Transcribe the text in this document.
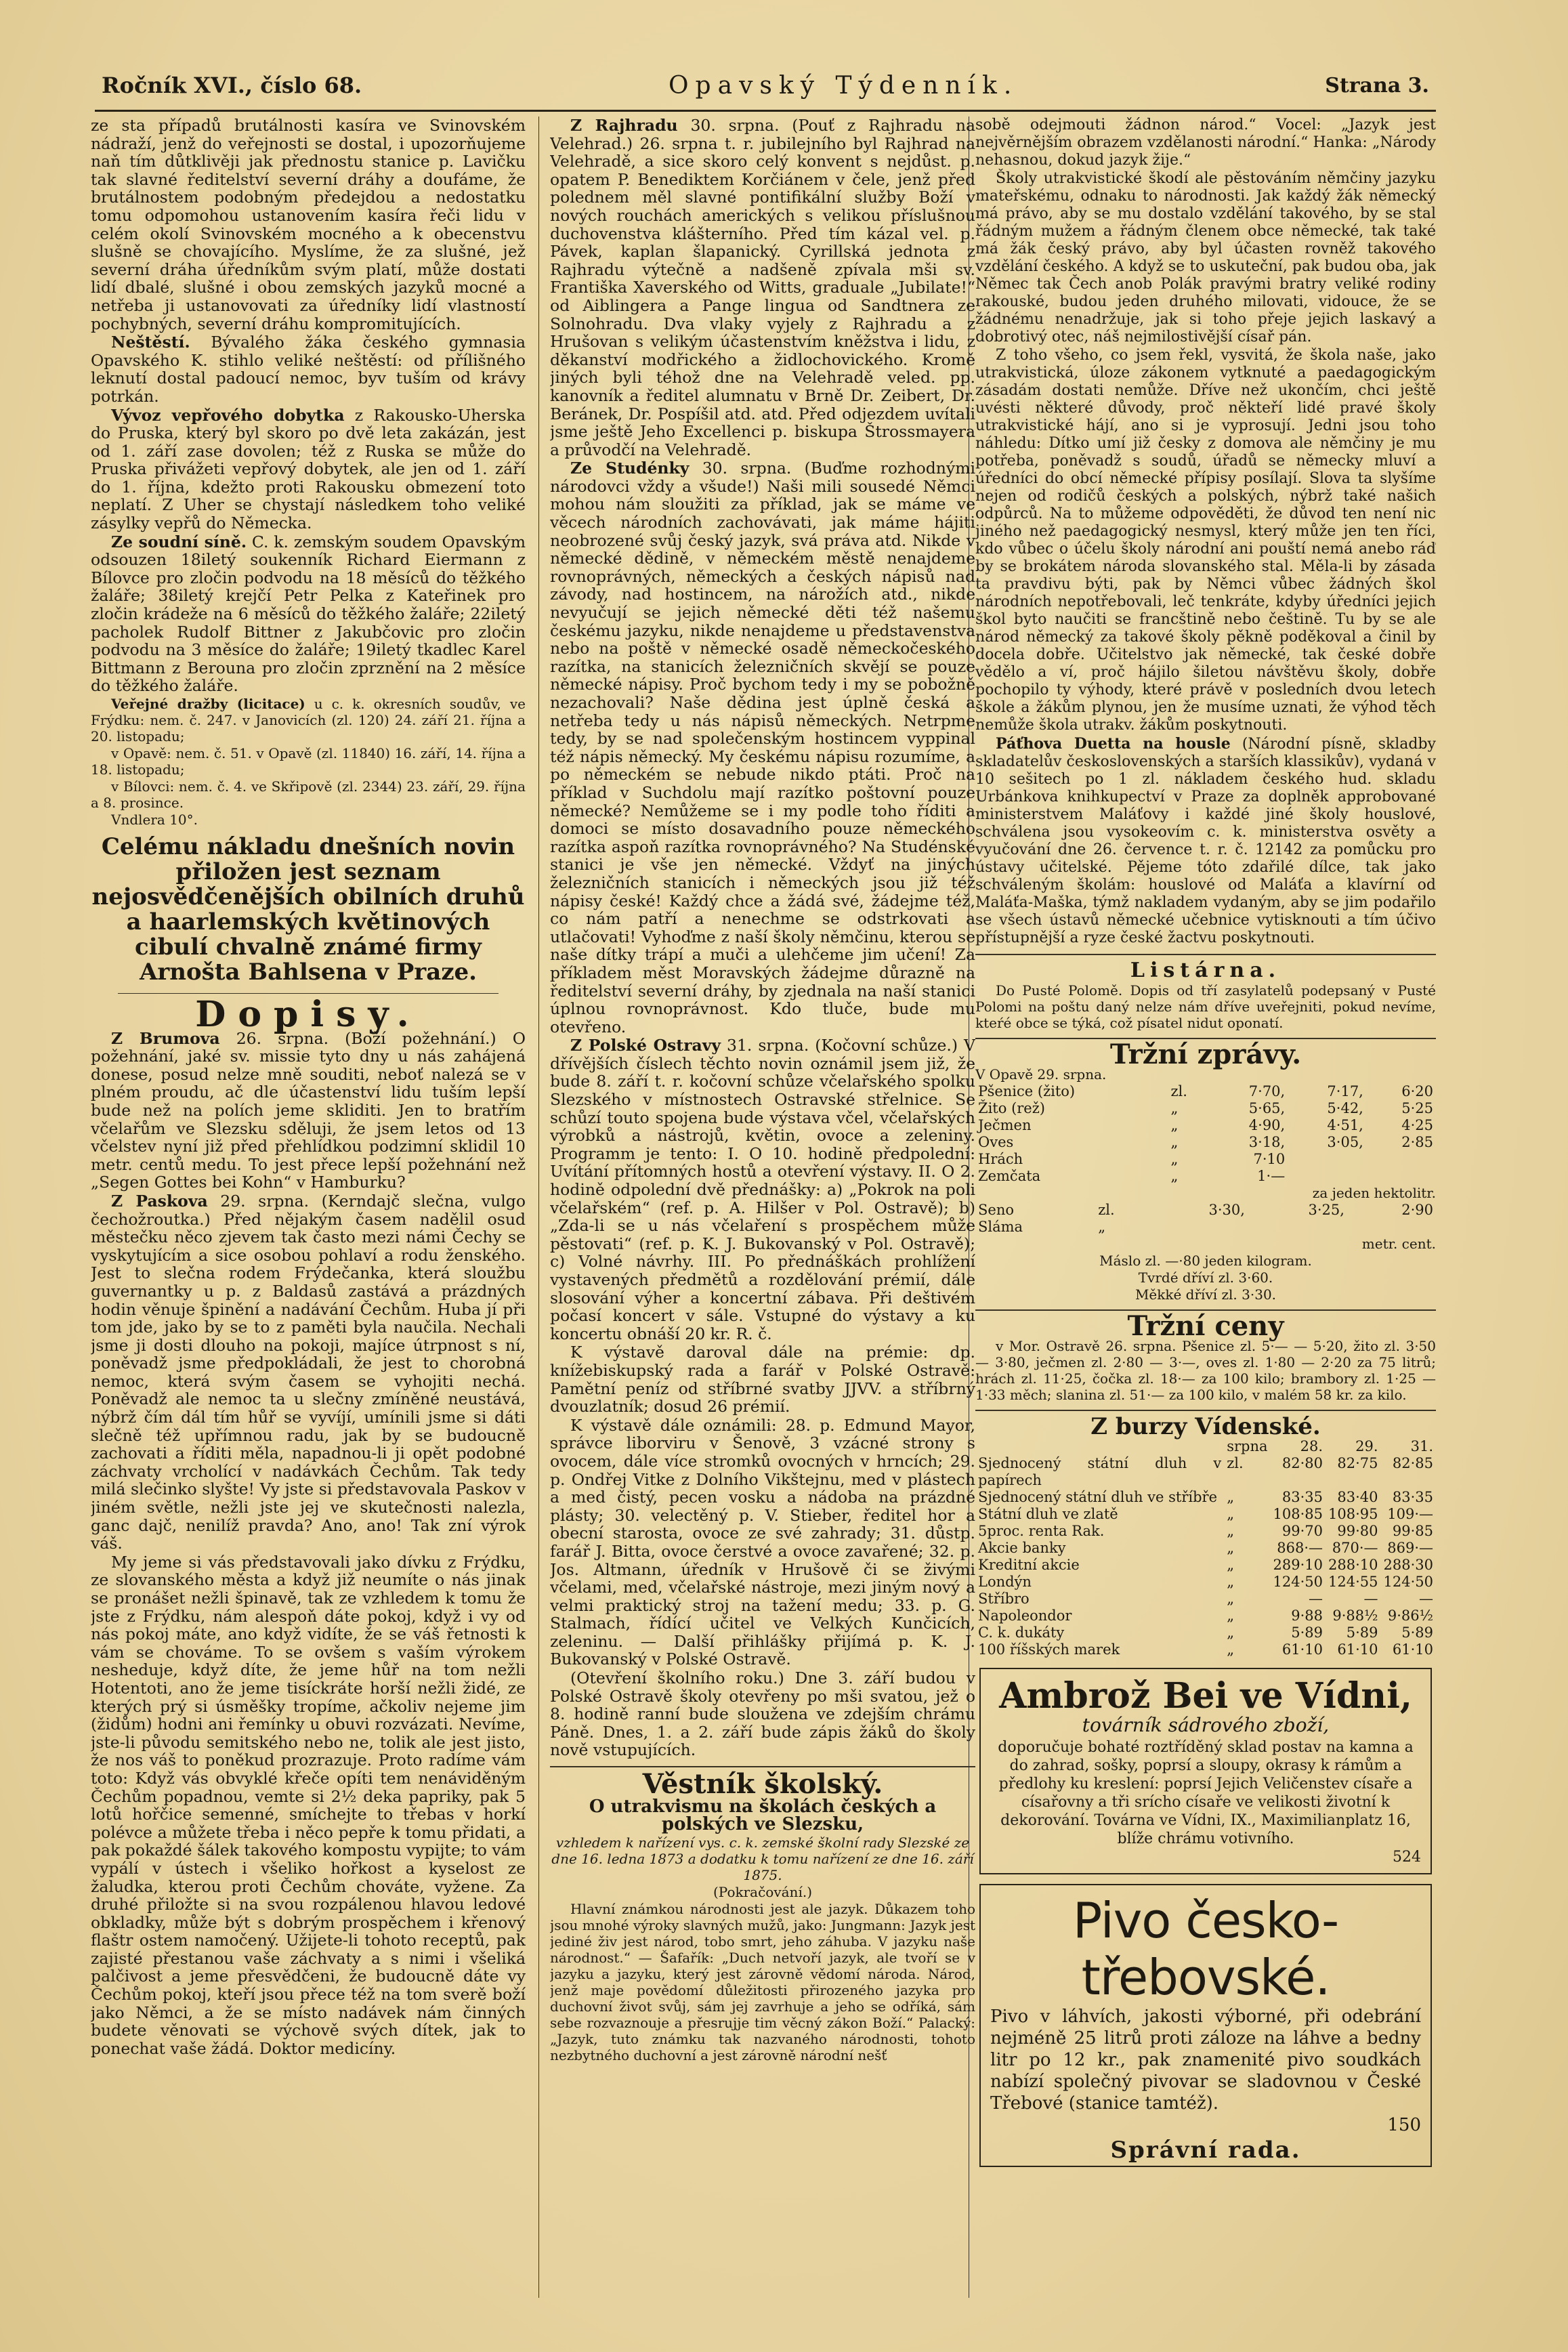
Ročník XVI., číslo 68.	Opavský Týdenník.	Strana 3.

ze sta případů brutálnosti kasíra ve Svinovském nádraží, jenž do veřejnosti se dostal, i upozorňujeme naň tím důtklivěji jak přednostu stanice p. Lavičku tak slavné ředitelství severní dráhy a doufáme, že brutálnostem podobným předejdou a nedostatku tomu odpomohou ustanovením kasíra řeči lidu v celém okolí Svinovském mocného a k obecenstvu slušně se chovajícího. Myslíme, že za slušné, jež severní dráha úředníkům svým platí, může dostati lidí dbalé, slušné i obou zemských jazyků mocné a netřeba ji ustanovovati za úředníky lidí vlastností pochybných, severní dráhu kompromitujících.

Neštěstí. Bývalého žáka českého gymnasia Opavského K. stihlo veliké neštěstí: od přílišného leknutí dostal padoucí nemoc, byv tuším od krávy potrkán.

Vývoz vepřového dobytka z Rakousko-Uherska do Pruska, který byl skoro po dvě leta zakázán, jest od 1. září zase dovolen; též z Ruska se může do Pruska přivážeti vepřový dobytek, ale jen od 1. září do 1. října, kdežto proti Rakousku obmezení toto neplatí. Z Uher se chystají následkem toho veliké zásylky vepřů do Německa.

Ze soudní síně. C. k. zemským soudem Opavským odsouzen 18iletý soukenník Richard Eiermann z Bílovce pro zločin podvodu na 18 měsíců do těžkého žaláře; 38iletý krejčí Petr Pelka z Kateřinek pro zločin krádeže na 6 měsíců do těžkého žaláře; 22iletý pacholek Rudolf Bittner z Jakubčovic pro zločin podvodu na 3 měsíce do žaláře; 19iletý tkadlec Karel Bittmann z Berouna pro zločin zprznění na 2 měsíce do těžkého žaláře.

Veřejné dražby (licitace) u c. k. okresních soudův, ve Frýdku: nem. č. 247. v Janovicích (zl. 120) 24. září 21. října a 20. listopadu;

v Opavě: nem. č. 51. v Opavě (zl. 11840) 16. září, 14. října a 18. listopadu;

v Bílovci: nem. č. 4. ve Skřipově (zl. 2344) 23. září, 29. října a 8. prosince.

Vndlera 10°.

Celému nákladu dnešních novin přiložen jest seznam nejosvědčenějších obilních druhů a haarlemských květinových cibulí chvalně známé firmy Arnošta Bahlsena v Praze.
Dopisy.

Z Brumova 26. srpna. (Boží požehnání.) O požehnání, jaké sv. missie tyto dny u nás zahájená donese, posud nelze mně souditi, neboť nalezá se v plném proudu, ač dle účastenství lidu tuším lepší bude než na polích jeme skliditi. Jen to bratřím včelařům ve Slezsku sděluji, že jsem letos od 13 včelstev nyní již před přehlídkou podzimní sklidil 10 metr. centů medu. To jest přece lepší požehnání než „Segen Gottes bei Kohn“ v Hamburku?

Z Paskova 29. srpna. (Kerndajč slečna, vulgo čechožroutka.) Před nějakým časem nadělil osud městečku něco zjevem tak často mezi námi Čechy se vyskytujícím a sice osobou pohlaví a rodu ženského. Jest to slečna rodem Frýdečanka, která sloužbu guvernantky u p. z Baldasů zastává a prázdných hodin věnuje špinění a nadávání Čechům. Huba jí při tom jde, jako by se to z paměti byla naučila. Nechali jsme ji dosti dlouho na pokoji, majíce útrpnost s ní, poněvadž jsme předpokládali, že jest to chorobná nemoc, která svým časem se vyhojiti nechá. Poněvadž ale nemoc ta u slečny zmíněné neustává, nýbrž čím dál tím hůř se vyvíjí, umínili jsme si dáti slečně též upřímnou radu, jak by se budoucně zachovati a říditi měla, napadnou-li ji opět podobné záchvaty vrcholící v nadávkách Čechům. Tak tedy milá slečinko slyšte! Vy jste si představovala Paskov v jiném světle, nežli jste jej ve skutečnosti nalezla, ganc dajč, nenilíž pravda? Ano, ano! Tak zní výrok váš.

My jeme si vás představovali jako dívku z Frýdku, ze slovanského města a když již neumíte o nás jinak se pronášet nežli špinavě, tak ze vzhledem k tomu že jste z Frýdku, nám alespoň dáte pokoj, když i vy od nás pokoj máte, ano když vidíte, že se váš řetnosti k vám se chováme. To se ovšem s vaším výrokem nesheduje, když díte, že jeme hůř na tom nežli Hotentoti, ano že jeme tisíckráte horší nežli židé, ze kterých prý si úsměšky tropíme, ačkoliv nejeme jim (židům) hodni ani řemínky u obuvi rozvázati. Nevíme, jste-li původu semitského nebo ne, tolik ale jest jisto, že nos váš to poněkud prozrazuje. Proto radíme vám toto: Když vás obvyklé křeče opíti tem nenáviděným Čechům popadnou, vemte si 2½ deka papriky, pak 5 lotů hořčice semenné, smíchejte to třebas v horkí polévce a můžete třeba i něco pepře k tomu přidati, a pak pokaždé šálek takového kompostu vypijte; to vám vypálí v ústech i všeliko hořkost a kyselost ze žaludka, kterou proti Čechům chováte, vyžene. Za druhé přiložte si na svou rozpálenou hlavou ledové obkladky, může být s dobrým prospěchem i křenový flaštr ostem namočený. Užijete-li tohoto receptů, pak zajisté přestanou vaše záchvaty a s nimi i všeliká palčivost a jeme přesvědčeni, že budoucně dáte vy Čechům pokoj, kteří jsou přece též na tom sverě boží jako Němci, a že se místo nadávek nám činných budete věnovati se výchově svých dítek, jak to ponechat vaše žádá. Doktor medicíny.

Z Rajhradu 30. srpna. (Pouť z Rajhradu na Velehrad.) 26. srpna t. r. jubilejního byl Rajhrad na Velehradě, a sice skoro celý konvent s nejdůst. p. opatem P. Benediktem Korčiánem v čele, jenž před polednem měl slavné pontifikální služby Boží v nových rouchách amerických s velikou příslušnou duchovenstva klášterního. Před tím kázal vel. p. Pávek, kaplan šlapanický. Cyrillská jednota z Rajhradu výtečně a nadšeně zpívala mši sv. Františka Xaverského od Witts, graduale „Jubilate!“ od Aiblingera a Pange lingua od Sandtnera ze Solnohradu. Dva vlaky vyjely z Rajhradu a z Hrušovan s velikým účastenstvím kněžstva i lidu, z děkanství modřického a židlochovického. Kromě jiných byli téhož dne na Velehradě veled. pp. kanovník a ředitel alumnatu v Brně Dr. Zeibert, Dr. Beránek, Dr. Pospíšil atd. atd. Před odjezdem uvítali jsme ještě Jeho Excellenci p. biskupa Štrossmayera a průvodčí na Velehradě.

Ze Studénky 30. srpna. (Buďme rozhodnými národovci vždy a všude!) Naši mili sousedé Němci mohou nám sloužiti za příklad, jak se máme ve věcech národních zachovávati, jak máme hájiti neobrozené svůj český jazyk, svá práva atd. Nikde v německé dědině, v německém městě nenajdeme rovnoprávných, německých a českých nápisů nad závody, nad hostincem, na nárožích atd., nikde nevyučují se jejich německé děti též našemu českému jazyku, nikde nenajdeme u představenstva nebo na poště v německé osadě německočeského razítka, na stanicích železničních skvějí se pouze německé nápisy. Proč bychom tedy i my se pobožně nezachovali? Naše dědina jest úplně česká a netřeba tedy u nás nápisů německých. Netrpme tedy, by se nad společenským hostincem vyppinal též nápis německý. My českému nápisu rozumíme, a po německém se nebude nikdo ptáti. Proč na příklad v Suchdolu mají razítko poštovní pouze německé? Nemůžeme se i my podle toho říditi a domoci se místo dosavadního pouze německého razítka aspoň razítka rovnoprávného? Na Studénské stanici je vše jen německé. Vždyť na jiných železničních stanicích i německých jsou již též nápisy české! Každý chce a žádá své, žádejme též, co nám patří a nenechme se odstrkovati a utlačovati! Vyhoďme z naší školy němčinu, kterou se naše dítky trápí a muči a ulehčeme jim učení! Za příkladem měst Moravských žádejme důrazně na ředitelství severní dráhy, by zjednala na naší stanici úplnou rovnoprávnost. Kdo tluče, bude mu otevřeno.

Z Polské Ostravy 31. srpna. (Kočovní schůze.) V dřívějších číslech těchto novin oznámil jsem již, že bude 8. září t. r. kočovní schůze včelařského spolku Slezského v místnostech Ostravské střelnice. Se schůzí touto spojena bude výstava včel, včelařských výrobků a nástrojů, květin, ovoce a zeleniny. Programm je tento: I. O 10. hodině předpolední: Uvítání přítomných hostů a otevření výstavy. II. O 2. hodině odpolední dvě přednášky: a) „Pokrok na poli včelařském“ (ref. p. A. Hilšer v Pol. Ostravě); b) „Zda-li se u nás včelaření s prospěchem může pěstovati“ (ref. p. K. J. Bukovanský v Pol. Ostravě); c) Volné návrhy. III. Po přednáškách prohlížení vystavených předmětů a rozdělování prémií, dále slosování výher a koncertní zábava. Při deštivém počasí koncert v sále. Vstupné do výstavy a ku koncertu obnáší 20 kr. R. č.

K výstavě daroval dále na prémie: dp. knížebiskupský rada a farář v Polské Ostravě: Pamětní peníz od stříbrné svatby JJVV. a stříbrný dvouzlatník; dosud 26 prémií.

K výstavě dále oznámili: 28. p. Edmund Mayor, správce liborviru v Šenově, 3 vzácné strony s ovocem, dále více stromků ovocných v hrncích; 29. p. Ondřej Vitke z Dolního Vikštejnu, med v plástech a med čistý, pecen vosku a nádoba na prázdné plásty; 30. velectěný p. V. Stieber, ředitel hor a obecní starosta, ovoce ze své zahrady; 31. důstp. farář J. Bitta, ovoce čerstvé a ovoce zavařené; 32. p. Jos. Altmann, úředník v Hrušově či se živými včelami, med, včelařské nástroje, mezi jiným nový a velmi praktický stroj na tažení medu; 33. p. G. Stalmach, řídící učitel ve Velkých Kunčicích, zeleninu. — Další přihlášky přijímá p. K. J. Bukovanský v Polské Ostravě.

(Otevření školního roku.) Dne 3. září budou v Polské Ostravě školy otevřeny po mši svatou, jež o 8. hodině ranní bude sloužena ve zdejším chrámu Páně. Dnes, 1. a 2. září bude zápis žáků do školy nově vstupujících.

Věstník školský.

O utrakvismu na školách českých a polských ve Slezsku,

vzhledem k nařízení vys. c. k. zemské školní rady Slezské ze dne 16. ledna 1873 a dodatku k tomu nařízení ze dne 16. září 1875.

(Pokračování.)

Hlavní známkou národnosti jest ale jazyk. Důkazem toho jsou mnohé výroky slavných mužů, jako: Jungmann: Jazyk jest jediné živ jest národ, tobo smrt, jeho záhuba. V jazyku naše národnost.“ — Šafařík: „Duch netvoří jazyk, ale tvoří se v jazyku a jazyku, který jest zárovně vědomí národa. Národ, jenž maje povědomí důležitosti přirozeného jazyka pro duchovní život svůj, sám jej zavrhuje a jeho se odříká, sám sebe rozvaznouje a přesrujje tim věcný zákon Boží.“ Palacký: „Jazyk, tuto známku tak nazvaného národnosti, tohoto nezbytného duchovní a jest zárovně národní nešť

sobě odejmouti žádnon národ.“ Vocel: „Jazyk jest nejvěrnějším obrazem vzdělanosti národní.“ Hanka: „Národy nehasnou, dokud jazyk žije.“

Školy utrakvistické škodí ale pěstováním němčiny jazyku mateřskému, odnaku to národnosti. Jak každý žák německý má právo, aby se mu dostalo vzdělání takového, by se stal řádným mužem a řádným členem obce německé, tak také má žák český právo, aby byl účasten rovněž takového vzdělání českého. A když se to uskuteční, pak budou oba, jak Němec tak Čech anob Polák pravými bratry veliké rodiny rakouské, budou jeden druhého milovati, vidouce, že se žádnému nenadržuje, jak si toho přeje jejich laskavý a dobrotivý otec, náš nejmilostivější císař pán.

Z toho všeho, co jsem řekl, vysvitá, že škola naše, jako utrakvistická, úloze zákonem vytknuté a paedagogickým zásadám dostati nemůže. Dříve než ukončím, chci ještě uvésti některé důvody, proč někteří lidé pravé školy utrakvistické hájí, ano si je vyprosují. Jedni jsou toho náhledu: Dítko umí již česky z domova ale němčiny je mu potřeba, poněvadž s soudů, úřadů se německy mluví a úředníci do obcí německé přípisy posílají. Slova ta slyšíme nejen od rodičů českých a polských, nýbrž také našich odpůrců. Na to můžeme odpověděti, že důvod ten není nic jiného než paedagogický nesmysl, který může jen ten říci, kdo vůbec o účelu školy národní ani pouští nemá anebo ráď by se brokátem národa slovanského stal. Měla-li by zásada ta pravdivu býti, pak by Němci vůbec žádných škol národních nepotřebovali, leč tenkráte, kdyby úředníci jejich škol byto naučiti se francštině nebo češtině. Tu by se ale národ německý za takové školy pěkně poděkoval a činil by docela dobře. Učitelstvo jak německé, tak české dobře vědělo a ví, proč hájilo šiletou návštěvu školy, dobře pochopilo ty výhody, které právě v posledních dvou letech škole a žákům plynou, jen že musíme uznati, že výhod těch nemůže škola utrakv. žákům poskytnouti.

Páťhova Duetta na houslе (Národní písně, skladby skladatelův československých a starších klassikův), vydaná v 10 sešitech po 1 zl. nákladem českého hud. skladu Urbánkova knihkupectví v Praze za doplněk approbované ministerstvem Maláťovy i každé jiné školy houslové, schválena jsou vysokeovím c. k. ministerstva osvěty a vyučování dne 26. července t. r. č. 12142 za pomůcku pro ústavy učitelské. Pějeme tóto zdařilé dílce, tak jako schváleným školám: houslové od Maláťa a klavírní od Maláťa-Maška, týmž nakladem vydaným, aby se jim podařilo se všech ústavů německé učebnice vytisknouti a tím účivo přístupnější a ryze české žactvu poskytnouti.

Listárna.

Do Pusté Polomě. Dopis od tří zasylatelů podepsaný v Pusté Polomi na poštu daný nelze nám dříve uveřejniti, pokud nevíme, kteŕé obce se týká, což písatel nidut oponatí.

Tržní zprávy.

V Opavě 29. srpna.

Pšenice (žito)	zl.	7·70,	7·17,	6·20
Žito (rež)	„	5·65,	5·42,	5·25
Ječmen	„	4·90,	4·51,	4·25
Oves	„	3·18,	3·05,	2·85
Hrách	„	7·10		
Zemčata	„	1·—		

za jeden hektolitr.

Seno	zl.	3·30,	3·25,	2·90
Sláma	„			

metr. cent.

Máslo zl. —·80 jeden kilogram.

Tvrdé dříví zl. 3·60.

Měkké dříví zl. 3·30.

Tržní ceny

v Mor. Ostravě 26. srpna. Pšenice zl. 5·— — 5·20, žito zl. 3·50 — 3·80, ječmen zl. 2·80 — 3·—, oves zl. 1·80 — 2·20 za 75 litrů; hrách zl. 11·25, čočka zl. 18·— za 100 kilo; brambory zl. 1·25 — 1·33 měch; slanina zl. 51·— za 100 kilo, v malém 58 kr. za kilo.

Z burzy Vídenské.
	srpna	28.	29.	31.
Sjednocený státní dluh v papírech	zl.	82·80	82·75	82·85
Sjednocený státní dluh ve stříbře	„	83·35	83·40	83·35
Státní dluh ve zlatě	„	108·85	108·95	109·—
5proc. renta Rak.	„	99·70	99·80	99·85
Akcie banky	„	868·—	870·—	869·—
Kreditní akcie	„	289·10	288·10	288·30
Londýn	„	124·50	124·55	124·50
Stříbro	„	—	—	—
Napoleondor	„	9·88	9·88½	9·86½
C. k. dukáty	„	5·89	5·89	5·89
100 říšských marek	„	61·10	61·10	61·10
Ambrož Bei ve Vídni,
továrník sádrového zboží,
doporučuje bohaté roztříděný sklad postav na kamna a do zahrad, sošky, poprsí a sloupy, okrasy k rámům a předlohy ku kreslení: poprsí Jejich Veličenstev císaře a císařovny a tři srícho císaře ve velikosti životní k dekorování. Továrna ve Vídni, IX., Maximilianplatz 16, blíže chrámu votivního.
524
Pivo česko-třebovské.
Pivo v láhvích, jakosti výborné, při odebrání nejméně 25 litrů proti záloze na láhve a bedny litr po 12 kr., pak znamenité pivo soudkách nabízí společný pivovar se sladovnou v České Třebové (stanice tamtéž).
150
Správní rada.
